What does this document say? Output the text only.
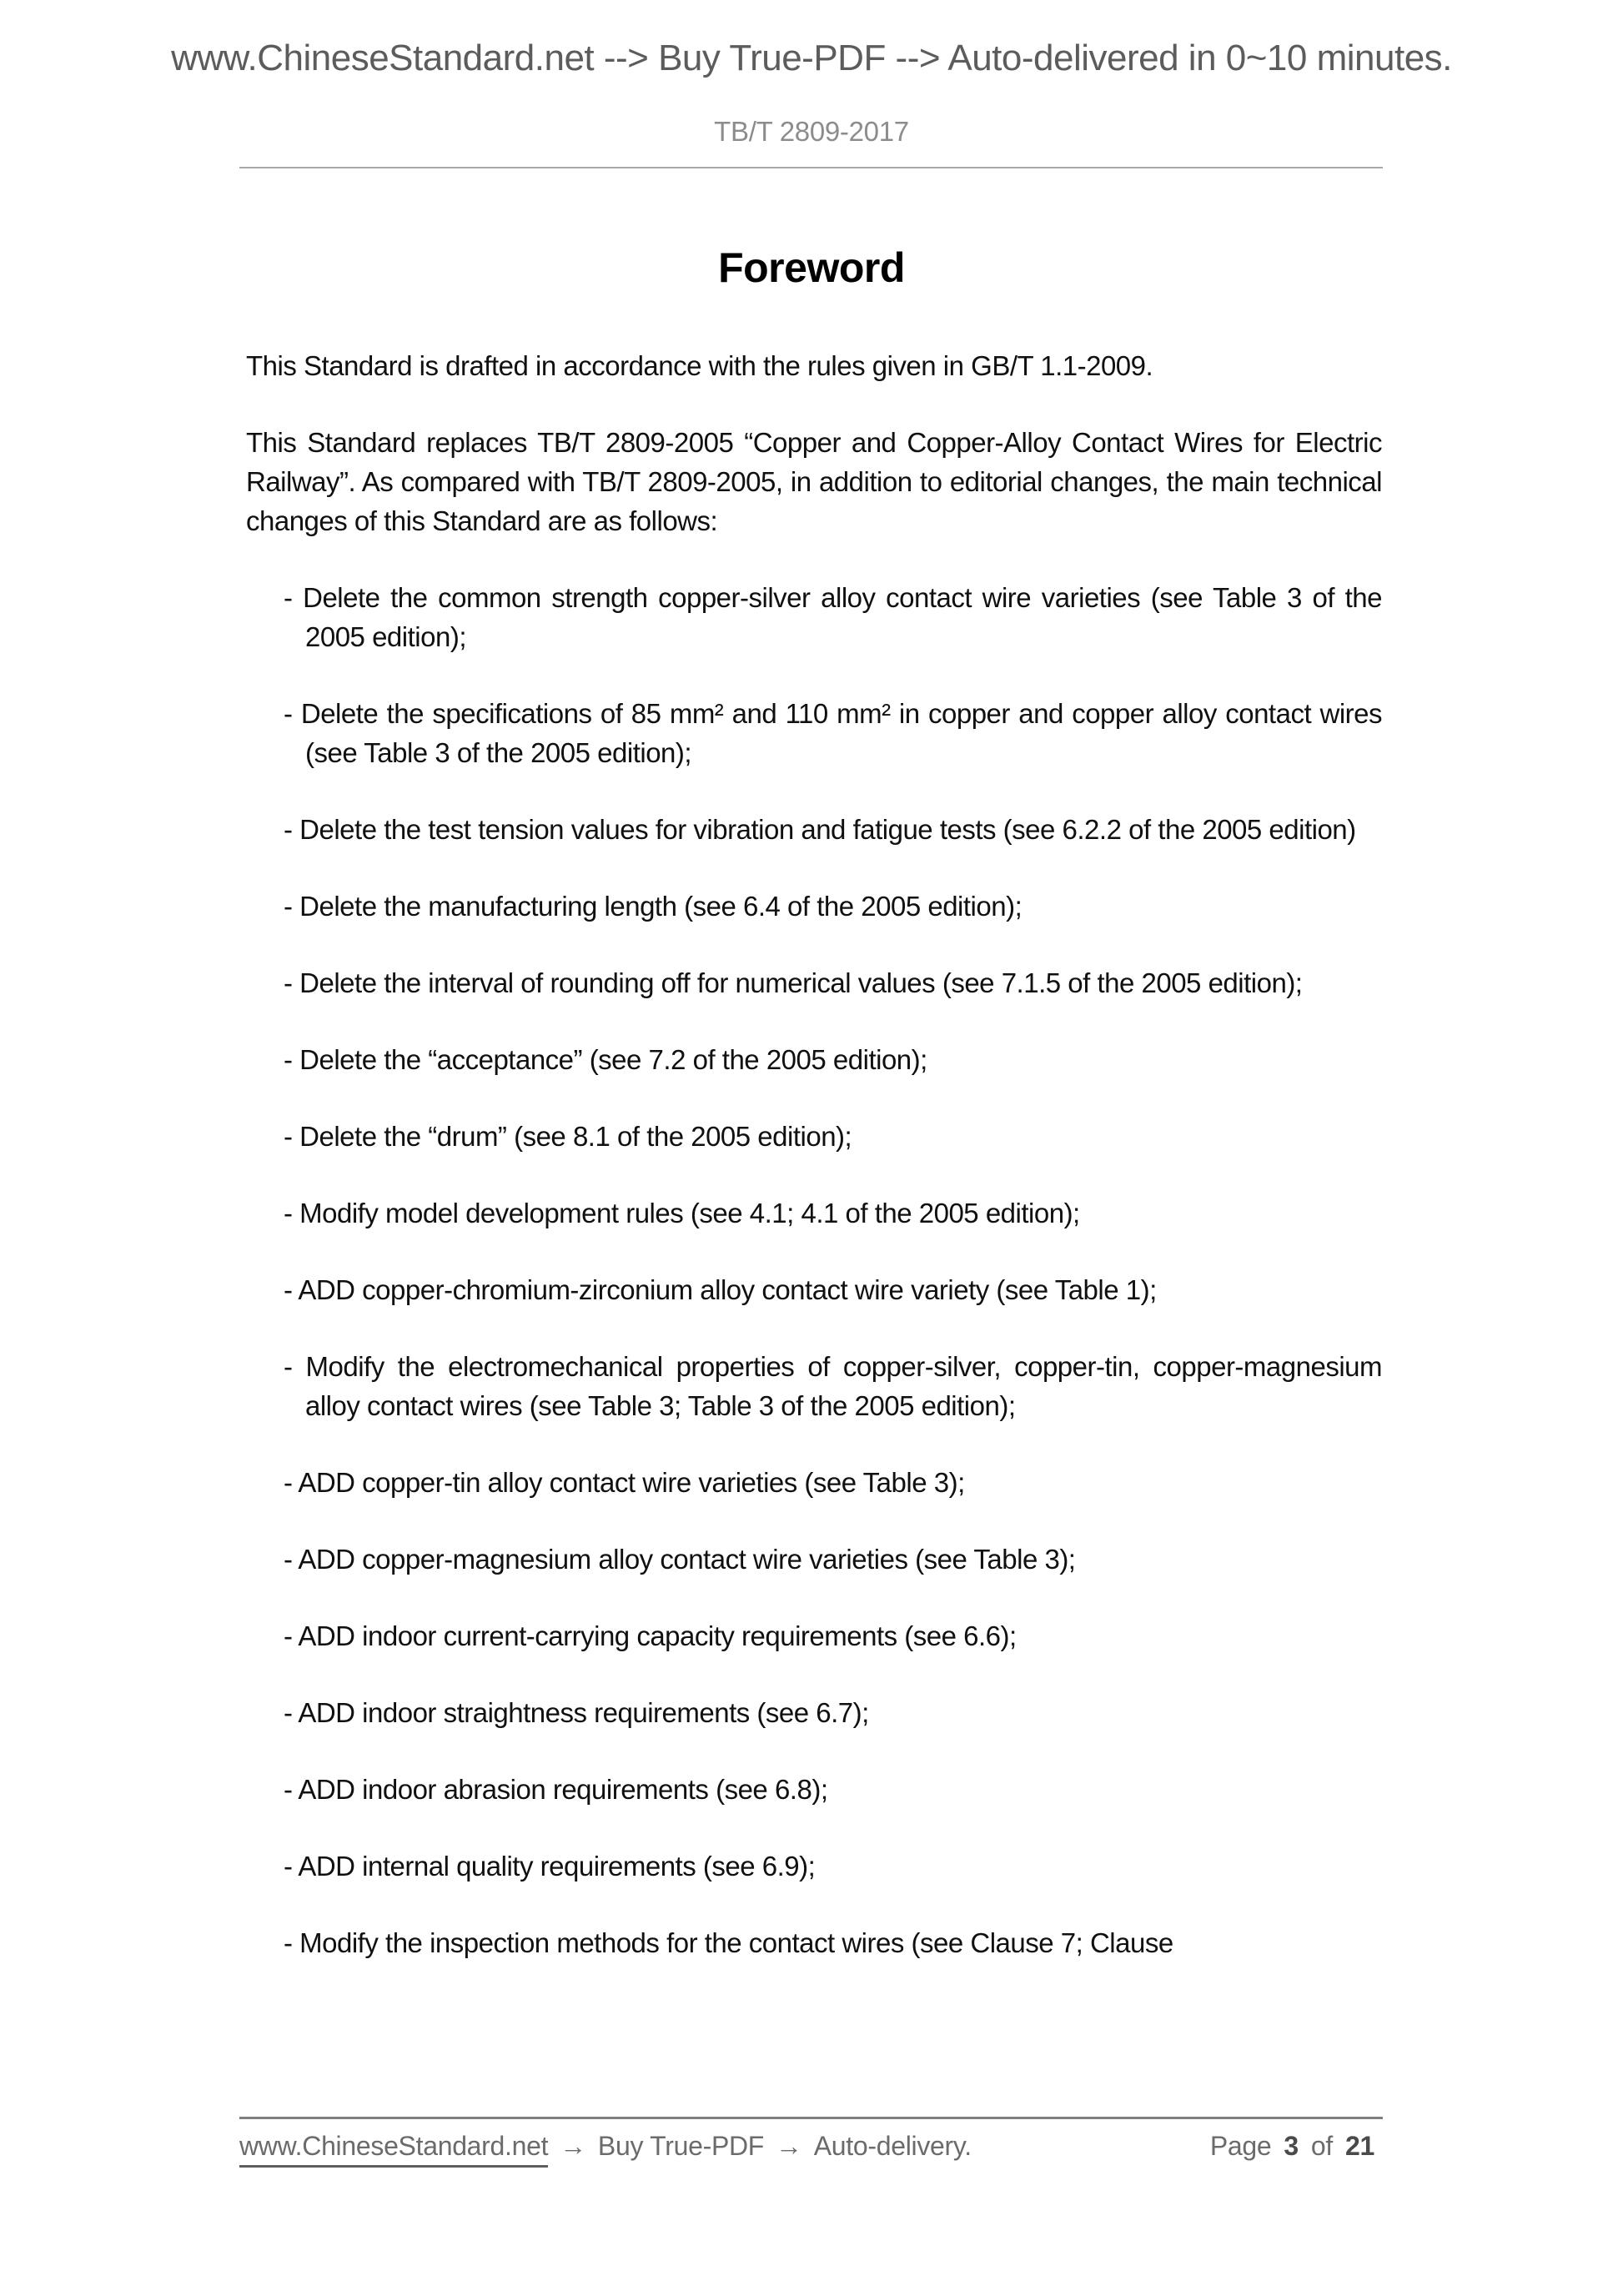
www.ChineseStandard.net --> Buy True-PDF --> Auto-delivered in 0~10 minutes.
TB/T 2809-2017
Foreword

This Standard is drafted in accordance with the rules given in GB/T 1.1-2009.

This Standard replaces TB/T 2809-2005 “Copper and Copper-Alloy Contact Wires for Electric Railway”. As compared with TB/T 2809-2005, in addition to editorial changes, the main technical changes of this Standard are as follows:

- Delete the common strength copper-silver alloy contact wire varieties (see Table 3 of the 2005 edition);
- Delete the specifications of 85 mm² and 110 mm² in copper and copper alloy contact wires (see Table 3 of the 2005 edition);
- Delete the test tension values for vibration and fatigue tests (see 6.2.2 of the 2005 edition)
- Delete the manufacturing length (see 6.4 of the 2005 edition);
- Delete the interval of rounding off for numerical values (see 7.1.5 of the 2005 edition);
- Delete the “acceptance” (see 7.2 of the 2005 edition);
- Delete the “drum” (see 8.1 of the 2005 edition);
- Modify model development rules (see 4.1; 4.1 of the 2005 edition);
- ADD copper-chromium-zirconium alloy contact wire variety (see Table 1);
- Modify the electromechanical properties of copper-silver, copper-tin, copper-magnesium alloy contact wires (see Table 3; Table 3 of the 2005 edition);
- ADD copper-tin alloy contact wire varieties (see Table 3);
- ADD copper-magnesium alloy contact wire varieties (see Table 3);
- ADD indoor current-carrying capacity requirements (see 6.6);
- ADD indoor straightness requirements (see 6.7);
- ADD indoor abrasion requirements (see 6.8);
- ADD internal quality requirements (see 6.9);
- Modify the inspection methods for the contact wires (see Clause 7; Clause
www.ChineseStandard.net → Buy True-PDF → Auto-delivery.	Page 3 of 21
